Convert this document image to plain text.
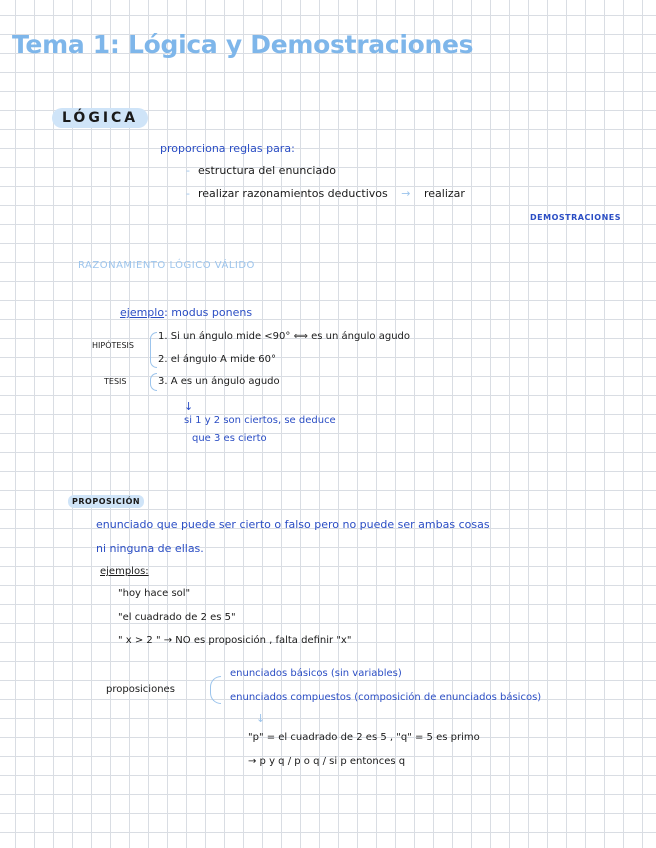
Tema 1: Lógica y Demostraciones
LÓGICA
proporciona reglas para:
- estructura del enunciado
- realizar razonamientos deductivos → realizar
DEMOSTRACIONES
RAZONAMIENTO LÓGICO VÁLIDO
ejemplo: modus ponens
HIPÓTESIS
1. Si un ángulo mide <90° ⟺ es un ángulo agudo
2. el ángulo A mide 60°
TESIS	3. A es un ángulo agudo
↓
si 1 y 2 son ciertos, se deduce
que 3 es cierto
PROPOSICIÓN
enunciado que puede ser cierto o falso pero no puede ser ambas cosas
ni ninguna de ellas.
ejemplos:
"hoy hace sol"
"el cuadrado de 2 es 5"
" x > 2 " → NO es proposición , falta definir "x"
proposiciones
enunciados básicos (sin variables)
enunciados compuestos (composición de enunciados básicos)
↓
"p" = el cuadrado de 2 es 5 , "q" = 5 es primo
→ p y q / p o q / si p entonces q
